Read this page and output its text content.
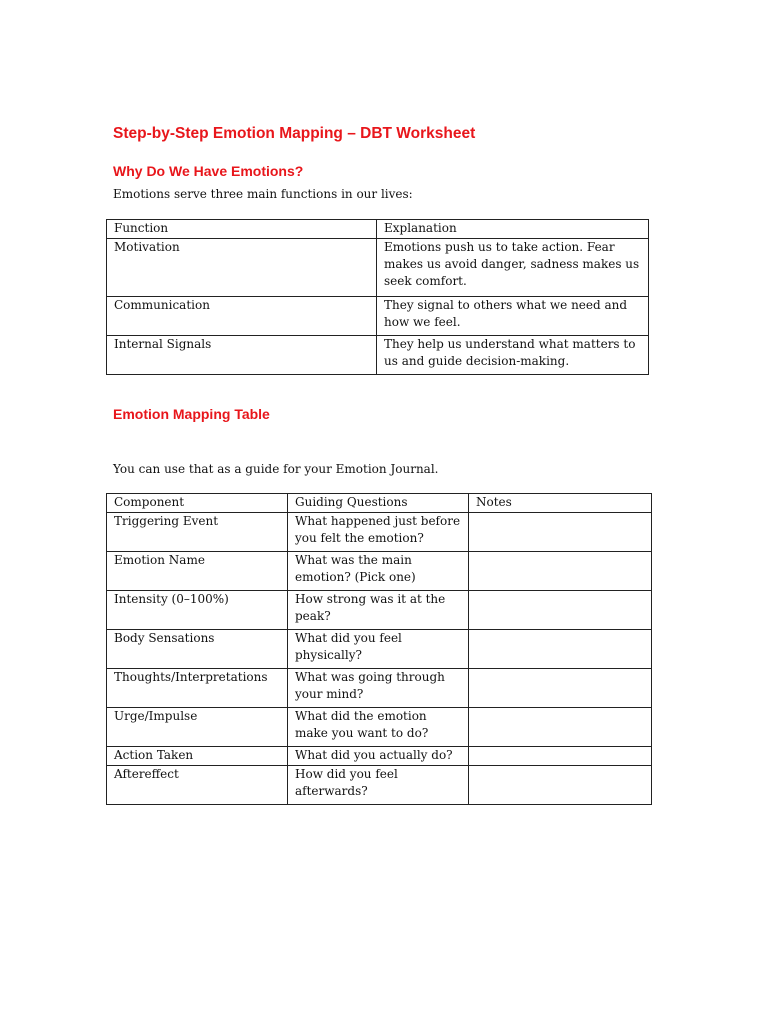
Step-by-Step Emotion Mapping – DBT Worksheet
Why Do We Have Emotions?

Emotions serve three main functions in our lives:

Function	Explanation
Motivation	Emotions push us to take action. Fear makes us avoid danger, sadness makes us seek comfort.
Communication	They signal to others what we need and how we feel.
Internal Signals	They help us understand what matters to us and guide decision-making.
Emotion Mapping Table

You can use that as a guide for your Emotion Journal.

Component	Guiding Questions	Notes
Triggering Event	What happened just before you felt the emotion?	
Emotion Name	What was the main emotion? (Pick one)	
Intensity (0–100%)	How strong was it at the peak?	
Body Sensations	What did you feel physically?	
Thoughts/Interpretations	What was going through your mind?	
Urge/Impulse	What did the emotion make you want to do?	
Action Taken	What did you actually do?	
Aftereffect	How did you feel afterwards?	
